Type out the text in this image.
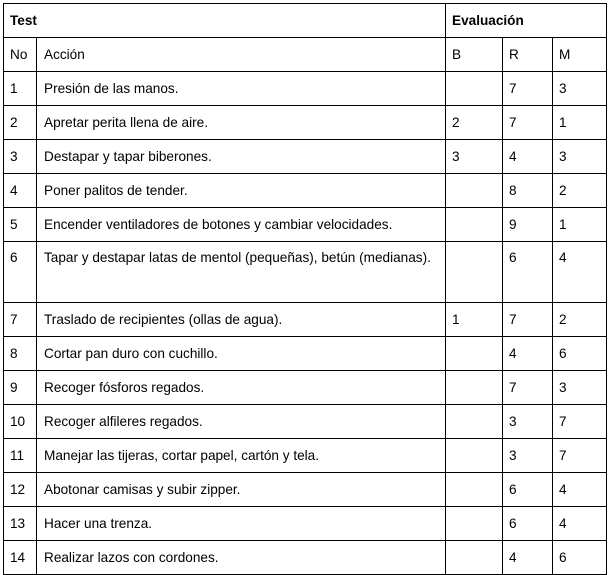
Test		Evaluación		
No	Acción	B	R	M
1	Presión de las manos.		7	3
2	Apretar perita llena de aire.	2	7	1
3	Destapar y tapar biberones.	3	4	3
4	Poner palitos de tender.		8	2
5	Encender ventiladores de botones y cambiar velocidades.		9	1
6	Tapar y destapar latas de mentol (pequeñas), betún (medianas).		6	4
7	Traslado de recipientes (ollas de agua).	1	7	2
8	Cortar pan duro con cuchillo.		4	6
9	Recoger fósforos regados.		7	3
10	Recoger alfileres regados.		3	7
11	Manejar las tijeras, cortar papel, cartón y tela.		3	7
12	Abotonar camisas y subir zipper.		6	4
13	Hacer una trenza.		6	4
14	Realizar lazos con cordones.		4	6
